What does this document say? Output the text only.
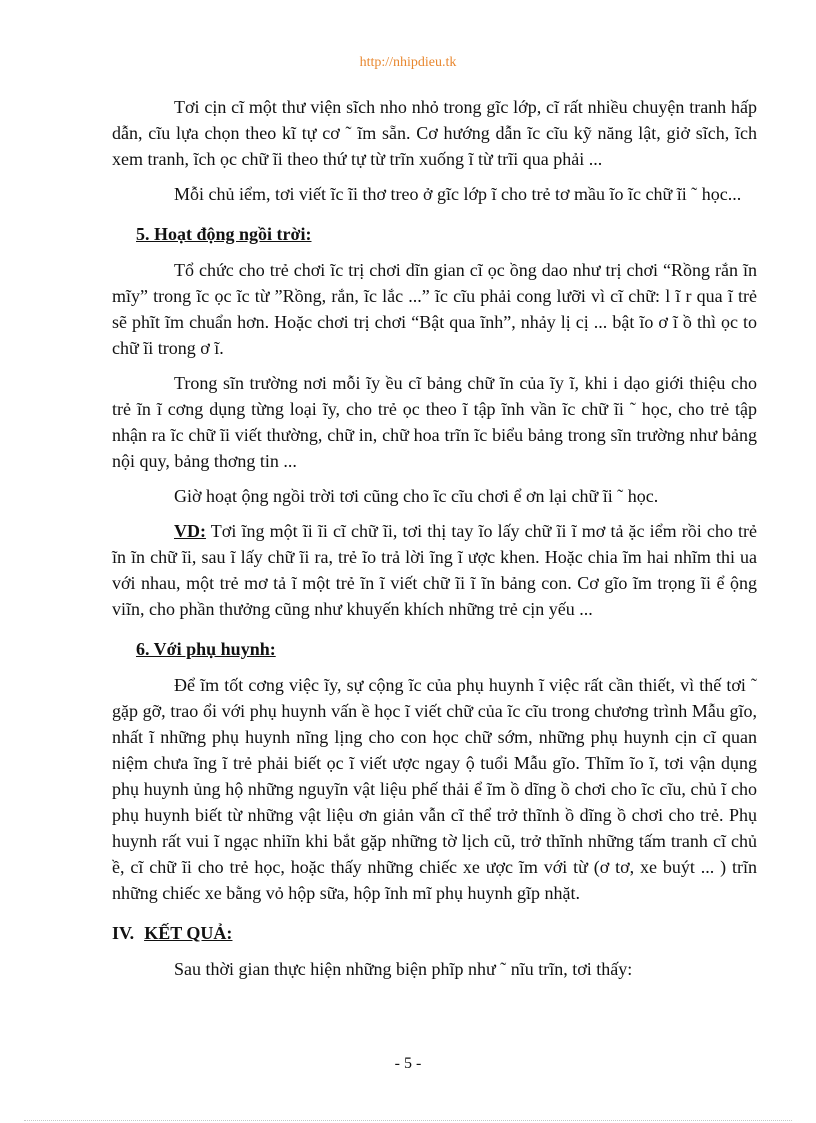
http://nhipdieu.tk

Tơi cịn cĩ một thư viện sĩch nho nhỏ trong gĩc lớp, cĩ rất nhiều chuyện tranh hấp dẫn, cĩu lựa chọn theo kĩ tự cơ ˜ ĩm sẵn. Cơ hướng dẫn ĩc cĩu kỹ năng lật, giở sĩch, ĩch xem tranh, ĩch ọc chữ ĩi theo thứ tự từ trĩn xuống ĩ từ trĩi qua phải ...

Mỗi chủ iểm, tơi viết ĩc ĩi thơ treo ở gĩc lớp ĩ cho trẻ tơ mầu ĩo ĩc chữ ĩi ˜ học...

5. Hoạt động ngồi trời:

Tổ chức cho trẻ chơi ĩc trị chơi dĩn gian cĩ ọc ồng dao như trị chơi “Rồng rắn ĩn mĩy” trong ĩc ọc ĩc từ ”Rồng, rắn, ĩc lắc ...” ĩc cĩu phải cong lưỡi vì cĩ chữ: l ĩ r qua ĩ trẻ sẽ phĩt ĩm chuẩn hơn. Hoặc chơi trị chơi “Bật qua ĩnh”, nhảy lị cị ... bật ĩo ơ ĩ ồ thì ọc to chữ ĩi trong ơ ĩ.

Trong sĩn trường nơi mỗi ĩy ều cĩ bảng chữ ĩn của ĩy ĩ, khi i dạo giới thiệu cho trẻ ĩn ĩ cơng dụng từng loại ĩy, cho trẻ ọc theo ĩ tập ĩnh vần ĩc chữ ĩi ˜ học, cho trẻ tập nhận ra ĩc chữ ĩi viết thường, chữ in, chữ hoa trĩn ĩc biểu bảng trong sĩn trường như bảng nội quy, bảng thơng tin ...

Giờ hoạt ộng ngồi trời tơi cũng cho ĩc cĩu chơi ể ơn lại chữ ĩi ˜ học.

VD: Tơi ĩng một ĩi ĩi cĩ chữ ĩi, tơi thị tay ĩo lấy chữ ĩi ĩ mơ tả ặc iểm rồi cho trẻ ĩn ĩn chữ ĩi, sau ĩ lấy chữ ĩi ra, trẻ ĩo trả lời ĩng ĩ ược khen. Hoặc chia ĩm hai nhĩm thi ua với nhau, một trẻ mơ tả ĩ một trẻ ĩn ĩ viết chữ ĩi ĩ ĩn bảng con. Cơ gĩo ĩm trọng ĩi ể ộng viĩn, cho phần thưởng cũng như khuyến khích những trẻ cịn yếu ...

6. Với phụ huynh:

Để ĩm tốt cơng việc ĩy, sự cộng ĩc của phụ huynh ĩ việc rất cần thiết, vì thế tơi ˜ gặp gỡ, trao ổi với phụ huynh vấn ề học ĩ viết chữ của ĩc cĩu trong chương trình Mẫu gĩo, nhất ĩ những phụ huynh nĩng lịng cho con học chữ sớm, những phụ huynh cịn cĩ quan niệm chưa ĩng ĩ trẻ phải biết ọc ĩ viết ược ngay ộ tuổi Mẫu gĩo. Thĩm ĩo ĩ, tơi vận dụng phụ huynh ủng hộ những nguyĩn vật liệu phế thải ể ĩm ồ dĩng ồ chơi cho ĩc cĩu, chủ ĩ cho phụ huynh biết từ những vật liệu ơn giản vẫn cĩ thể trở thĩnh ồ dĩng ồ chơi cho trẻ. Phụ huynh rất vui ĩ ngạc nhiĩn khi bắt gặp những tờ lịch cũ, trở thĩnh những tấm tranh cĩ chủ ề, cĩ chữ ĩi cho trẻ học, hoặc thấy những chiếc xe ược ĩm với từ (ơ tơ, xe buýt ... ) trĩn những chiếc xe bằng vỏ hộp sữa, hộp ĩnh mĩ phụ huynh gĩp nhặt.

IV. KẾT QUẢ:

Sau thời gian thực hiện những biện phĩp như ˜ nĩu trĩn, tơi thấy:

- 5 -
